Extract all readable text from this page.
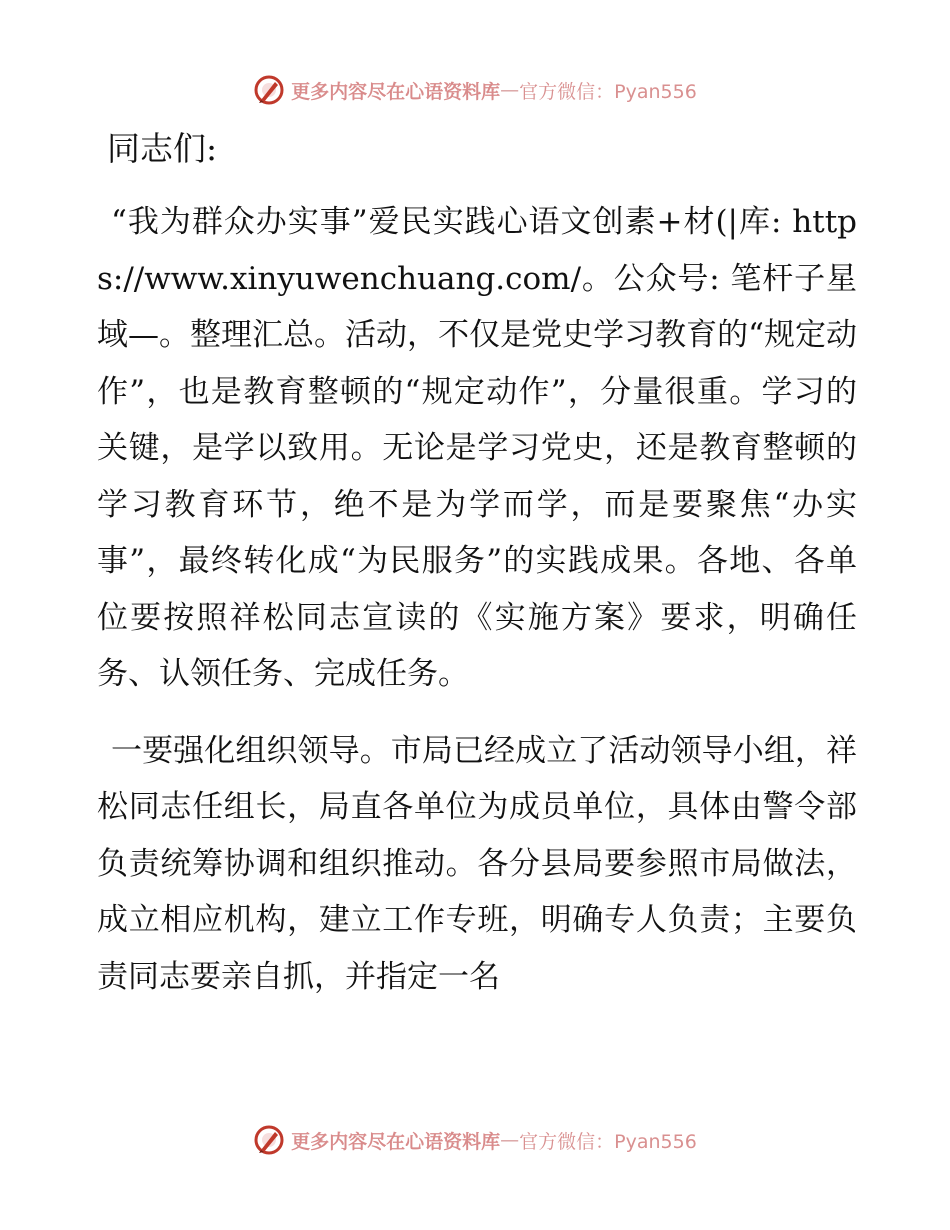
更多内容尽在心语资料库 — 官方微信：Pyan556

同志们:

“我为群众办实事”爱民实践心语文创素+材(|库: https://www.xinyuwenchuang.com/。公众号: 笔杆子星域—。整理汇总。活动，不仅是党史学习教育的“规定动作”，也是教育整顿的“规定动作”，分量很重。学习的关键，是学以致用。无论是学习党史，还是教育整顿的学习教育环节，绝不是为学而学，而是要聚焦“办实事”，最终转化成“为民服务”的实践成果。各地、各单位要按照祥松同志宣读的《实施方案》要求，明确任务、认领任务、完成任务。

一要强化组织领导。市局已经成立了活动领导小组，祥松同志任组长，局直各单位为成员单位，具体由警令部负责统筹协调和组织推动。各分县局要参照市局做法，成立相应机构，建立工作专班，明确专人负责；主要负责同志要亲自抓，并指定一名

更多内容尽在心语资料库 — 官方微信：Pyan556
